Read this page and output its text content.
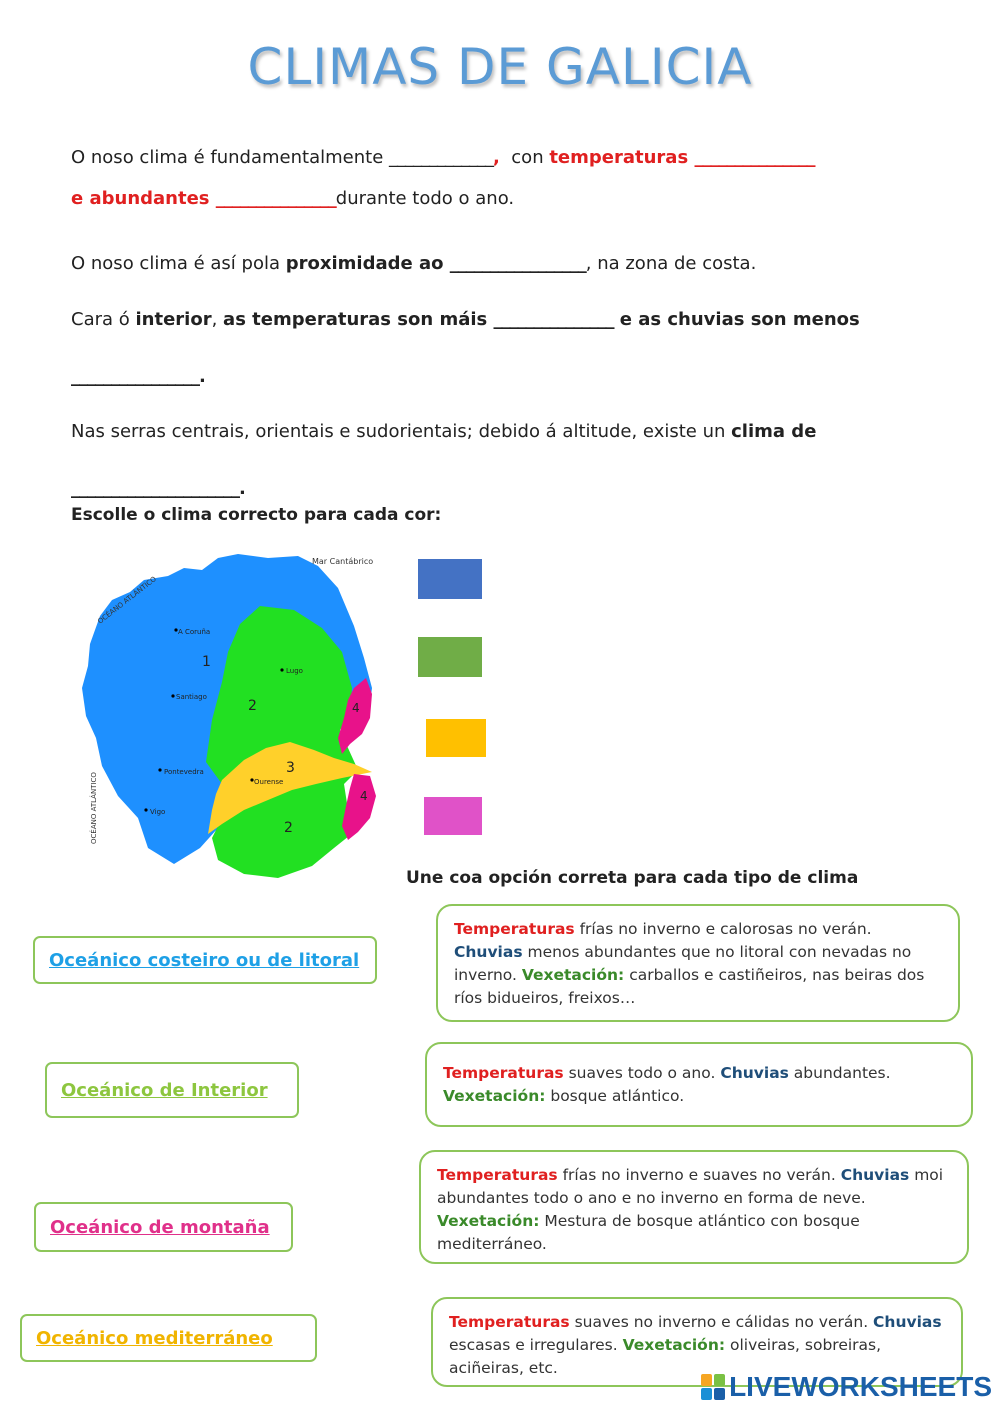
CLIMAS DE GALICIA
O noso clima é fundamentalmente _____________,  con temperaturas _______________
e abundantes _______________durante todo o ano.
O noso clima é así pola proximidade ao _________________, na zona de costa.
Cara ó interior, as temperaturas son máis _______________ e as chuvias son menos
________________.
Nas serras centrais, orientais e sudorientais; debido á altitude, existe un clima de
_____________________.
Escolle o clima correcto para cada cor:
Mar Cantábrico
OCÉANO ATLÁNTICO
OCÉANO ATLÁNTICO
A Coruña
Santiago
Lugo
Pontevedra
Vigo
Ourense
1
2
2
3
4
4
Une coa opción correta para cada tipo de clima
Oceánico costeiro ou de litoral
Oceánico de Interior
Oceánico de montaña
Oceánico mediterráneo
Temperaturas frías no inverno e calorosas no verán. Chuvias menos abundantes que no litoral con nevadas no inverno. Vexetación: carballos e castiñeiros, nas beiras dos ríos bidueiros, freixos…
Temperaturas suaves todo o ano. Chuvias abundantes.
Vexetación: bosque atlántico.
Temperaturas frías no inverno e suaves no verán. Chuvias moi abundantes todo o ano e no inverno en forma de neve. Vexetación: Mestura de bosque atlántico con bosque mediterráneo.
Temperaturas suaves no inverno e cálidas no verán. Chuvias escasas e irregulares. Vexetación: oliveiras, sobreiras, aciñeiras, etc.
LIVEWORKSHEETS
